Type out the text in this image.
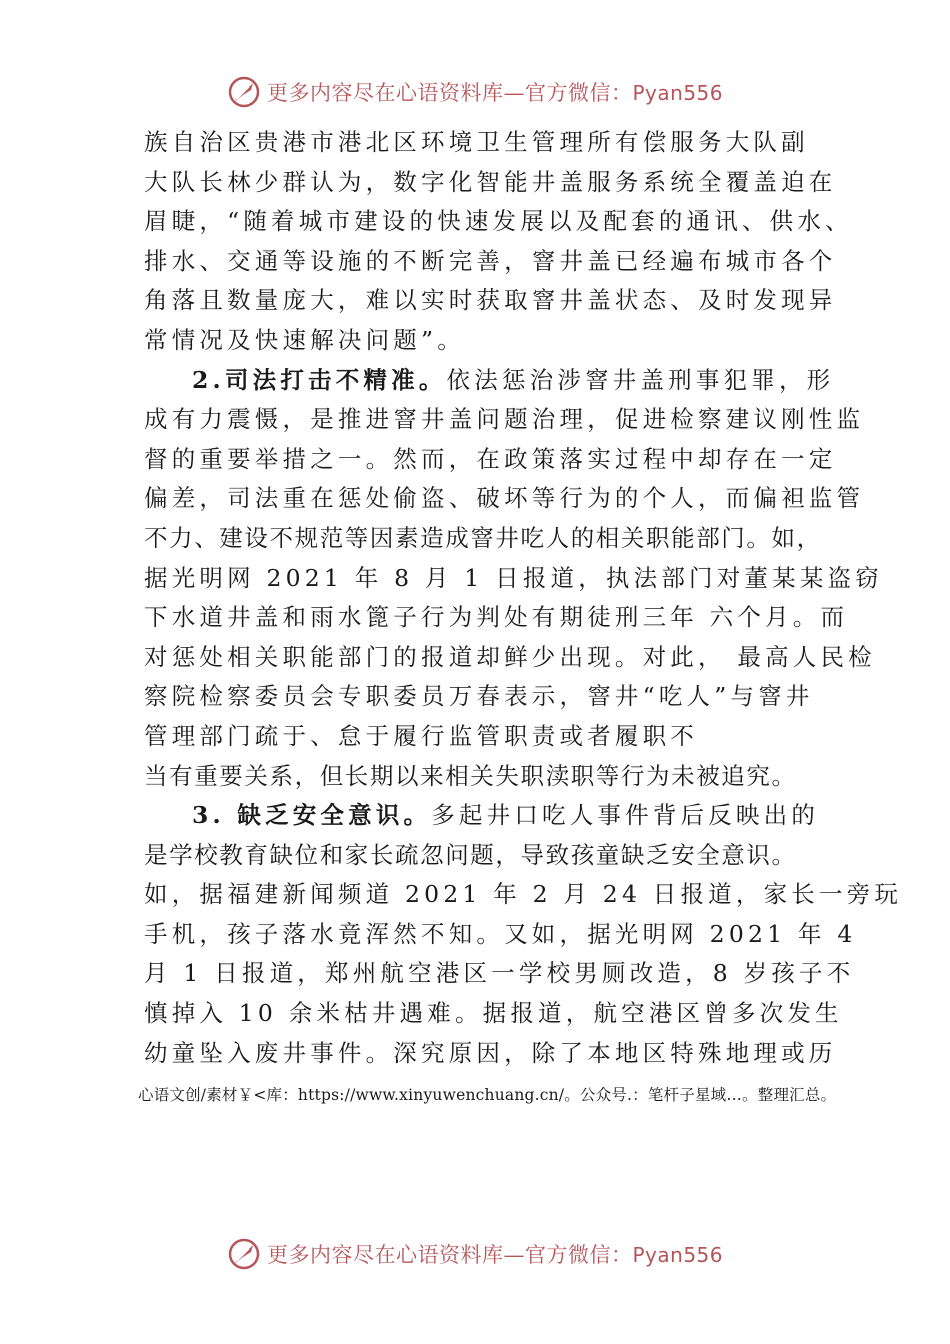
更多内容尽在心语资料库—官方微信：Pyan556
族自治区贵港市港北区环境卫生管理所有偿服务大队副
大队长林少群认为，数字化智能井盖服务系统全覆盖迫在
眉睫，“随着城市建设的快速发展以及配套的通讯、供水、
排水、交通等设施的不断完善，窨井盖已经遍布城市各个
角落且数量庞大，难以实时获取窨井盖状态、及时发现异
常情况及快速解决问题”。
2.司法打击不精准。依法惩治涉窨井盖刑事犯罪，形
成有力震慑，是推进窨井盖问题治理，促进检察建议刚性监
督的重要举措之一。然而，在政策落实过程中却存在一定
偏差，司法重在惩处偷盗、破坏等行为的个人，而偏袒监管
不力、建设不规范等因素造成窨井吃人的相关职能部门。如，
据光明网 2021 年 8 月 1 日报道，执法部门对董某某盗窃
下水道井盖和雨水篦子行为判处有期徒刑三年 六个月。而
对惩处相关职能部门的报道却鲜少出现。对此， 最高人民检
察院检察委员会专职委员万春表示，窨井“吃人”与窨井
管理部门疏于、怠于履行监管职责或者履职不
当有重要关系，但长期以来相关失职渎职等行为未被追究。
3. 缺乏安全意识。多起井口吃人事件背后反映出的
是学校教育缺位和家长疏忽问题，导致孩童缺乏安全意识。
如，据福建新闻频道 2021 年 2 月 24 日报道，家长一旁玩
手机，孩子落水竟浑然不知。又如，据光明网 2021 年 4
月 1 日报道，郑州航空港区一学校男厕改造，8 岁孩子不
慎掉入 10 余米枯井遇难。据报道，航空港区曾多次发生
幼童坠入废井事件。深究原因，除了本地区特殊地理或历
心语文创/素材￥<库：https://www.xinyuwenchuang.cn/。公众号.：笔杆子星域…。整理汇总。
更多内容尽在心语资料库—官方微信：Pyan556
